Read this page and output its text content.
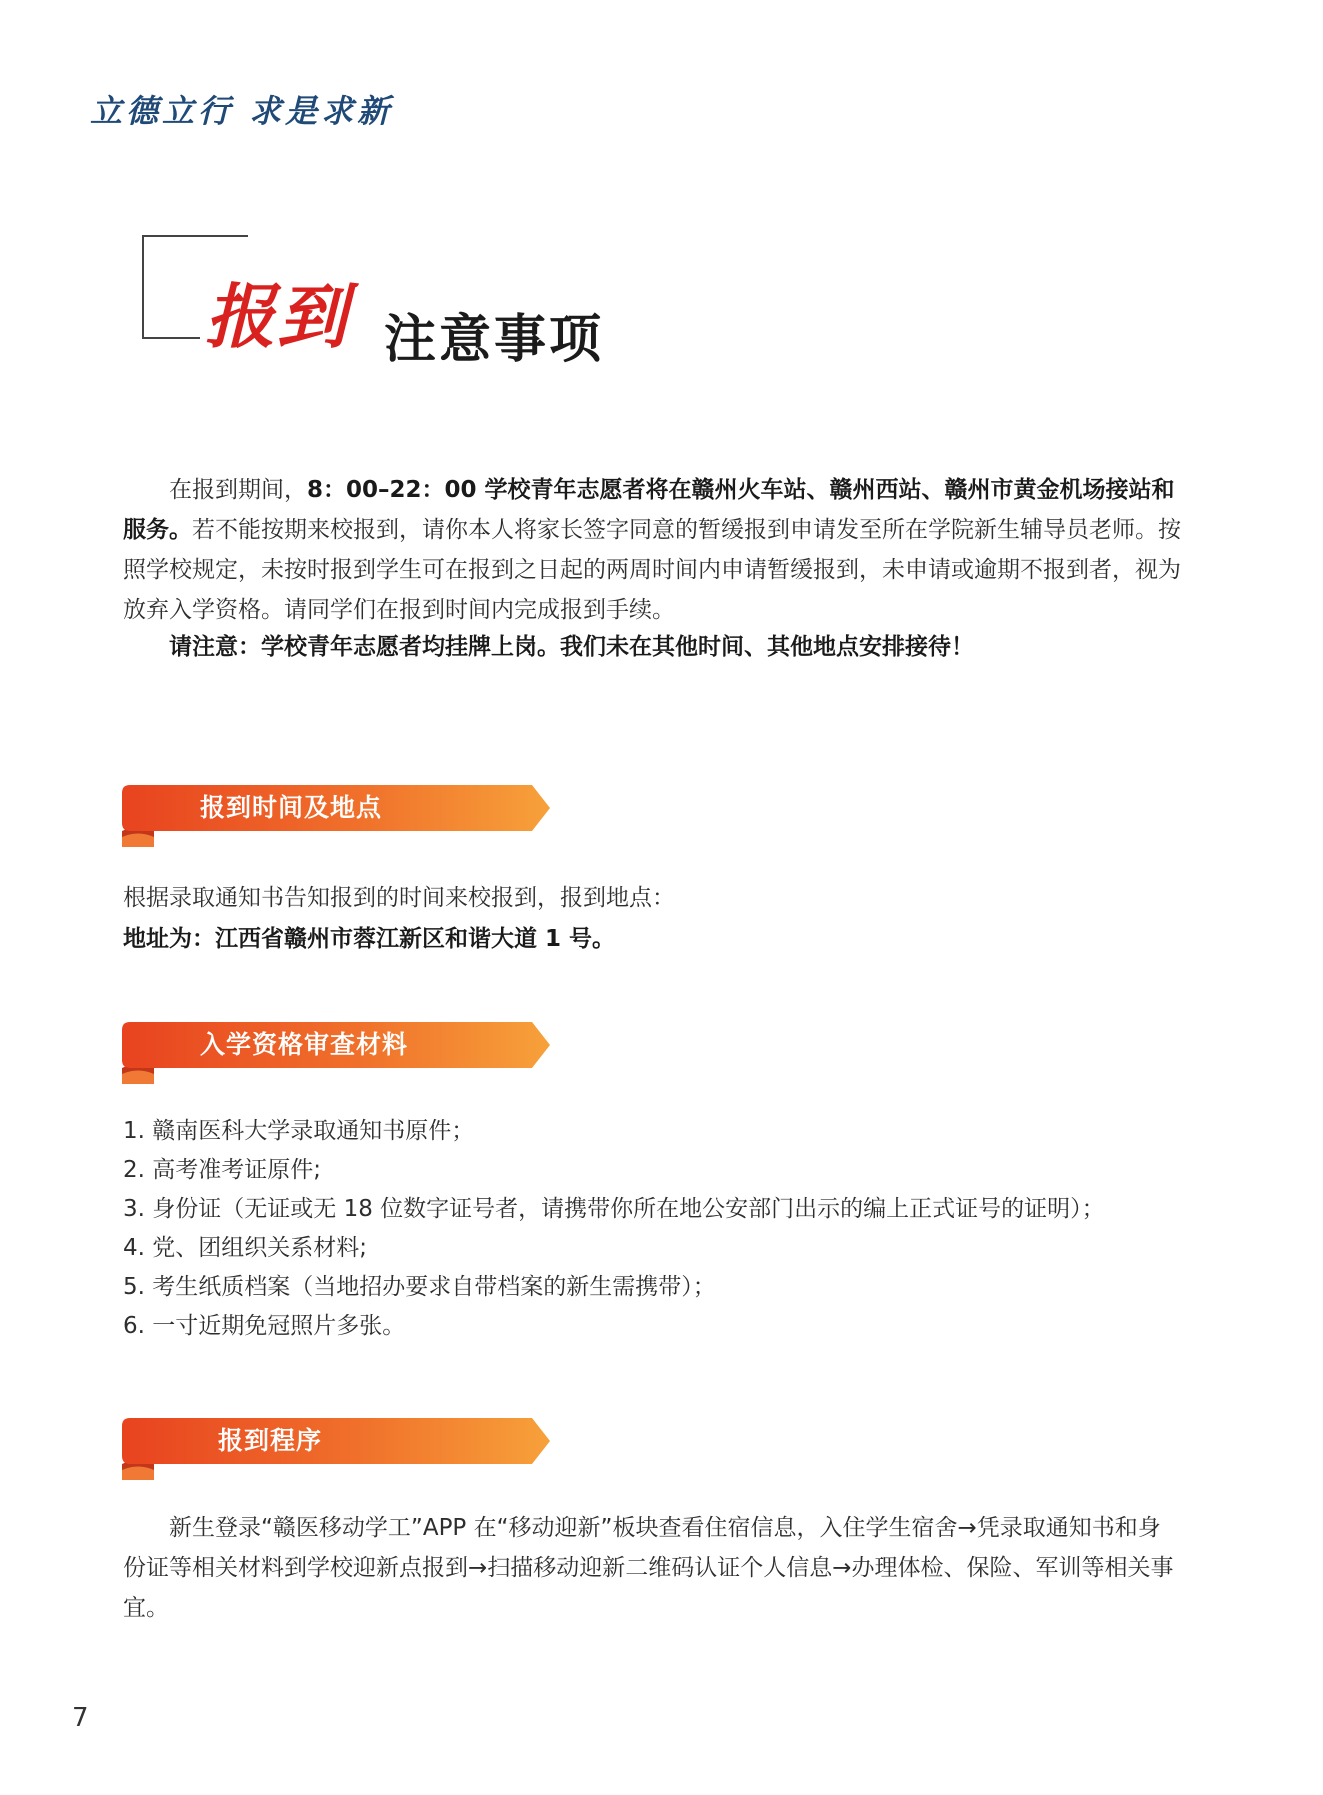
立德立行 求是求新
报到 注意事项
在报到期间，8：00–22：00 学校青年志愿者将在赣州火车站、赣州西站、赣州市黄金机场接站和服务。若不能按期来校报到，请你本人将家长签字同意的暂缓报到申请发至所在学院新生辅导员老师。按照学校规定，未按时报到学生可在报到之日起的两周时间内申请暂缓报到，未申请或逾期不报到者，视为放弃入学资格。请同学们在报到时间内完成报到手续。
请注意：学校青年志愿者均挂牌上岗。我们未在其他时间、其他地点安排接待！
报到时间及地点
根据录取通知书告知报到的时间来校报到，报到地点：
地址为：江西省赣州市蓉江新区和谐大道 1 号。
入学资格审查材料
1. 赣南医科大学录取通知书原件；
2. 高考准考证原件;
3. 身份证（无证或无 18 位数字证号者，请携带你所在地公安部门出示的编上正式证号的证明）；
4. 党、团组织关系材料;
5. 考生纸质档案（当地招办要求自带档案的新生需携带）；
6. 一寸近期免冠照片多张。
报到程序
新生登录“赣医移动学工”APP 在“移动迎新”板块查看住宿信息，入住学生宿舍→凭录取通知书和身份证等相关材料到学校迎新点报到→扫描移动迎新二维码认证个人信息→办理体检、保险、军训等相关事宜。
7
